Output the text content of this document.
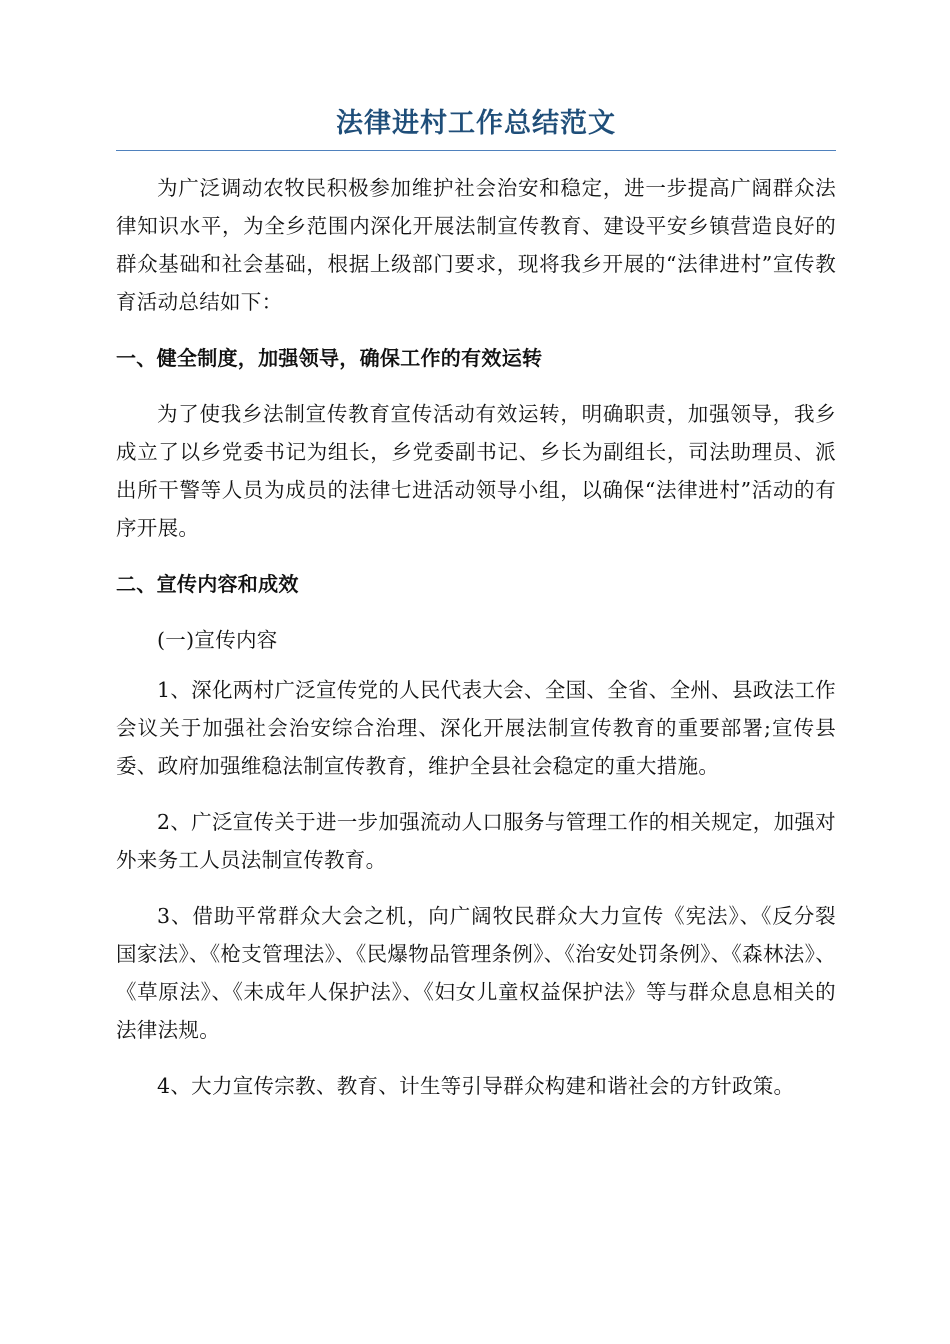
法律进村工作总结范文

为广泛调动农牧民积极参加维护社会治安和稳定，进一步提高广阔群众法律知识水平，为全乡范围内深化开展法制宣传教育、建设平安乡镇营造良好的群众基础和社会基础，根据上级部门要求，现将我乡开展的“法律进村”宣传教育活动总结如下：

一、健全制度，加强领导，确保工作的有效运转

为了使我乡法制宣传教育宣传活动有效运转，明确职责，加强领导，我乡成立了以乡党委书记为组长，乡党委副书记、乡长为副组长，司法助理员、派出所干警等人员为成员的法律七进活动领导小组，以确保“法律进村”活动的有序开展。

二、宣传内容和成效

(一)宣传内容

1、深化两村广泛宣传党的人民代表大会、全国、全省、全州、县政法工作会议关于加强社会治安综合治理、深化开展法制宣传教育的重要部署;宣传县委、政府加强维稳法制宣传教育，维护全县社会稳定的重大措施。

2、广泛宣传关于进一步加强流动人口服务与管理工作的相关规定，加强对外来务工人员法制宣传教育。

3、借助平常群众大会之机，向广阔牧民群众大力宣传《宪法》、《反分裂国家法》、《枪支管理法》、《民爆物品管理条例》、《治安处罚条例》、《森林法》、《草原法》、《未成年人保护法》、《妇女儿童权益保护法》等与群众息息相关的法律法规。

4、大力宣传宗教、教育、计生等引导群众构建和谐社会的方针政策。
